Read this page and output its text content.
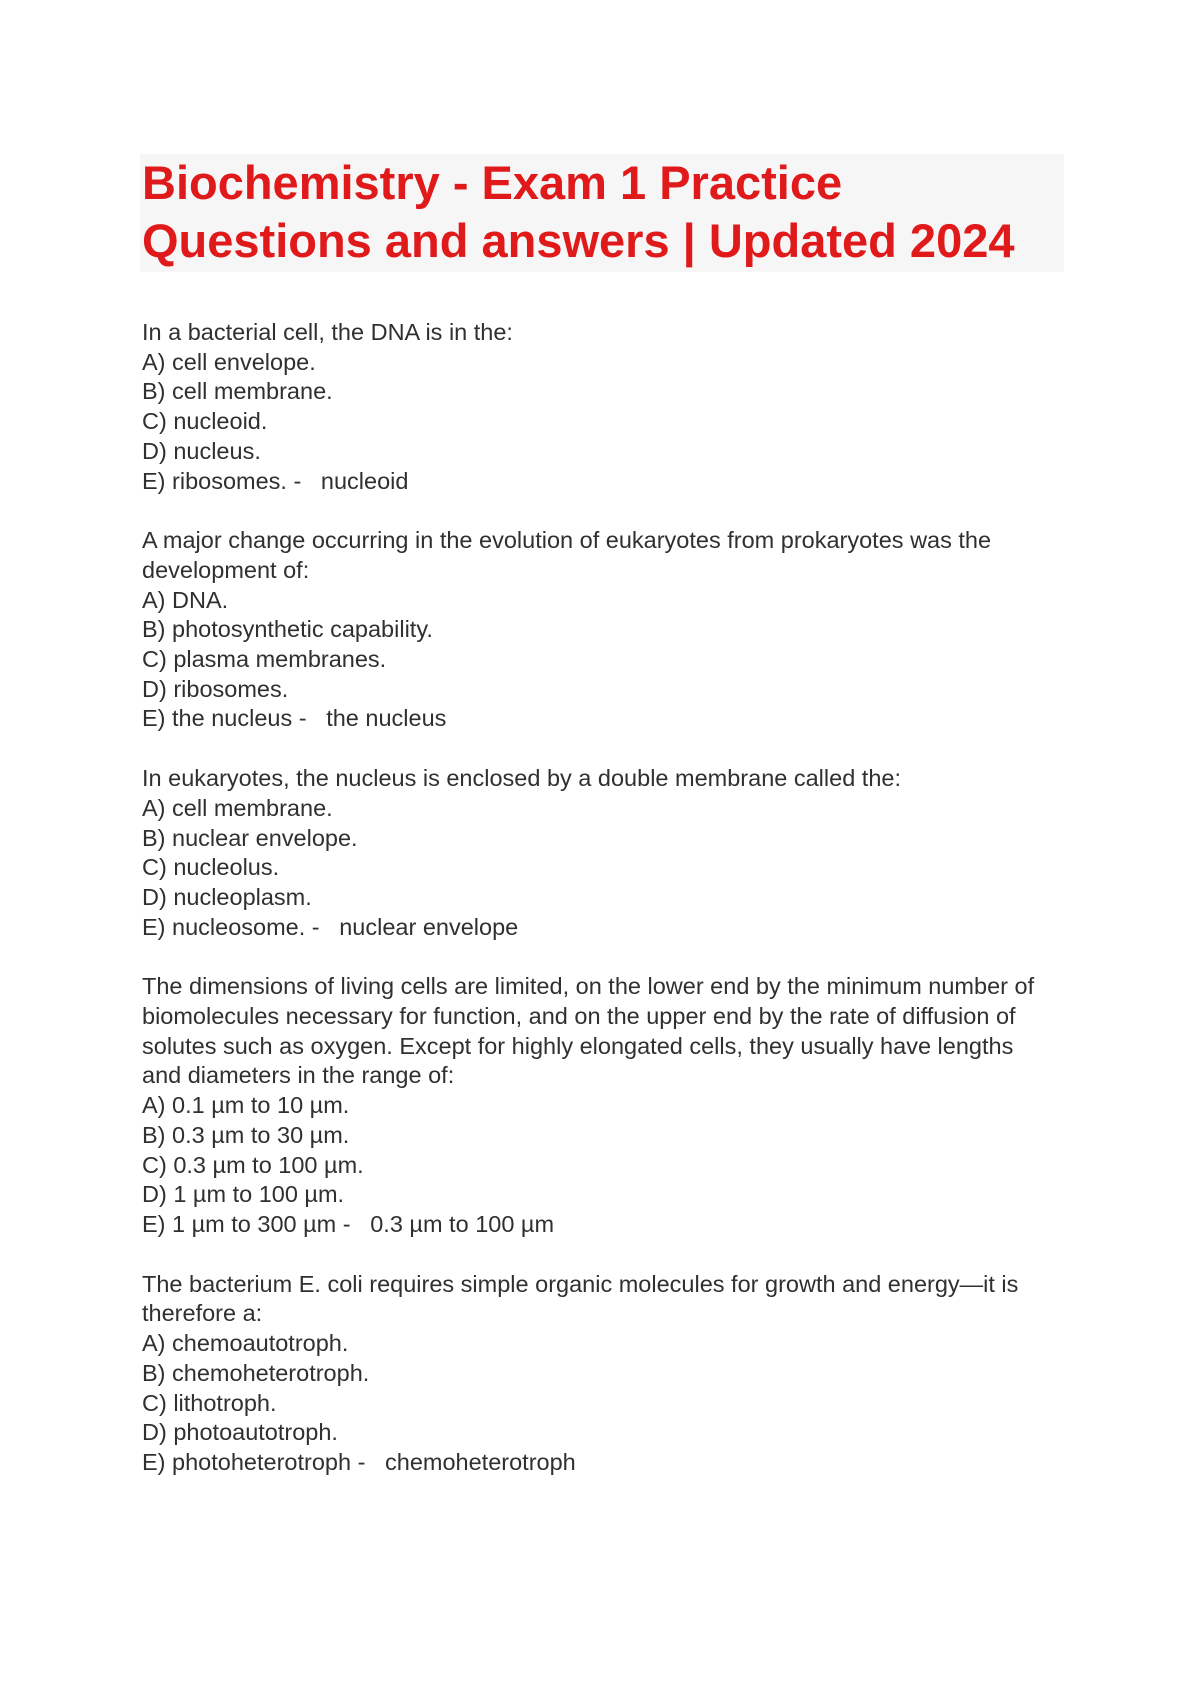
Biochemistry - Exam 1 Practice
Questions and answers | Updated 2024
In a bacterial cell, the DNA is in the:
A) cell envelope.
B) cell membrane.
C) nucleoid.
D) nucleus.
E) ribosomes. -   nucleoid
A major change occurring in the evolution of eukaryotes from prokaryotes was the
development of:
A) DNA.
B) photosynthetic capability.
C) plasma membranes.
D) ribosomes.
E) the nucleus -   the nucleus
In eukaryotes, the nucleus is enclosed by a double membrane called the:
A) cell membrane.
B) nuclear envelope.
C) nucleolus.
D) nucleoplasm.
E) nucleosome. -   nuclear envelope
The dimensions of living cells are limited, on the lower end by the minimum number of
biomolecules necessary for function, and on the upper end by the rate of diffusion of
solutes such as oxygen. Except for highly elongated cells, they usually have lengths
and diameters in the range of:
A) 0.1 µm to 10 µm.
B) 0.3 µm to 30 µm.
C) 0.3 µm to 100 µm.
D) 1 µm to 100 µm.
E) 1 µm to 300 µm -   0.3 µm to 100 µm
The bacterium E. coli requires simple organic molecules for growth and energy—it is
therefore a:
A) chemoautotroph.
B) chemoheterotroph.
C) lithotroph.
D) photoautotroph.
E) photoheterotroph -   chemoheterotroph
